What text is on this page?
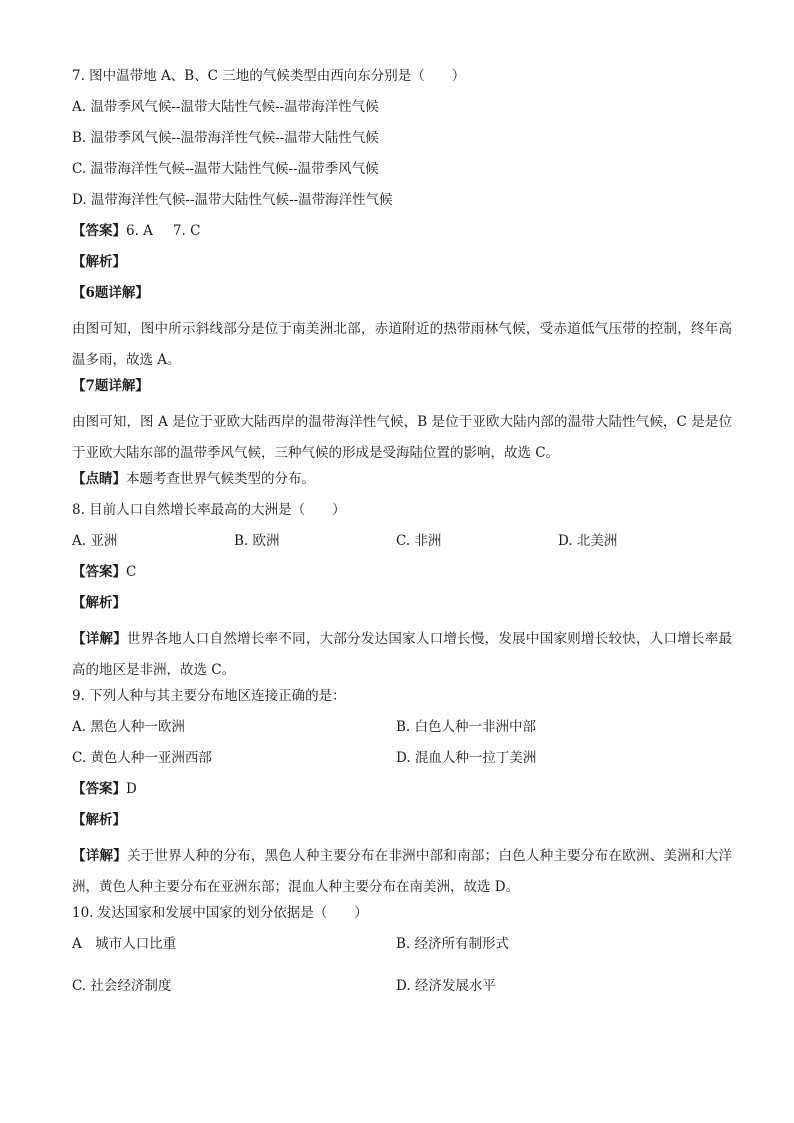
7. 图中温带地 A、B、C 三地的气候类型由西向东分别是（　　）
A. 温带季风气候--温带大陆性气候--温带海洋性气候
B. 温带季风气候--温带海洋性气候--温带大陆性气候
C. 温带海洋性气候--温带大陆性气候--温带季风气候
D. 温带海洋性气候--温带大陆性气候--温带海洋性气候
【答案】6. A 7. C
【解析】
【6题详解】
由图可知，图中所示斜线部分是位于南美洲北部，赤道附近的热带雨林气候，受赤道低气压带的控制，终年高温多雨，故选 A。
【7题详解】
由图可知，图 A 是位于亚欧大陆西岸的温带海洋性气候，B 是位于亚欧大陆内部的温带大陆性气候，C 是是位于亚欧大陆东部的温带季风气候，三种气候的形成是受海陆位置的影响，故选 C。
【点睛】本题考查世界气候类型的分布。
8. 目前人口自然增长率最高的大洲是（　　）
A. 亚洲	B. 欧洲	C. 非洲	D. 北美洲
【答案】C
【解析】
【详解】世界各地人口自然增长率不同，大部分发达国家人口增长慢，发展中国家则增长较快，人口增长率最高的地区是非洲，故选 C。
9. 下列人种与其主要分布地区连接正确的是：
A. 黑色人种一欧洲	B. 白色人种一非洲中部
C. 黄色人种一亚洲西部	D. 混血人种一拉丁美洲
【答案】D
【解析】
【详解】关于世界人种的分布，黑色人种主要分布在非洲中部和南部；白色人种主要分布在欧洲、美洲和大洋洲，黄色人种主要分布在亚洲东部；混血人种主要分布在南美洲，故选 D。
10. 发达国家和发展中国家的划分依据是（　　）
A　城市人口比重	B. 经济所有制形式
C. 社会经济制度	D. 经济发展水平
